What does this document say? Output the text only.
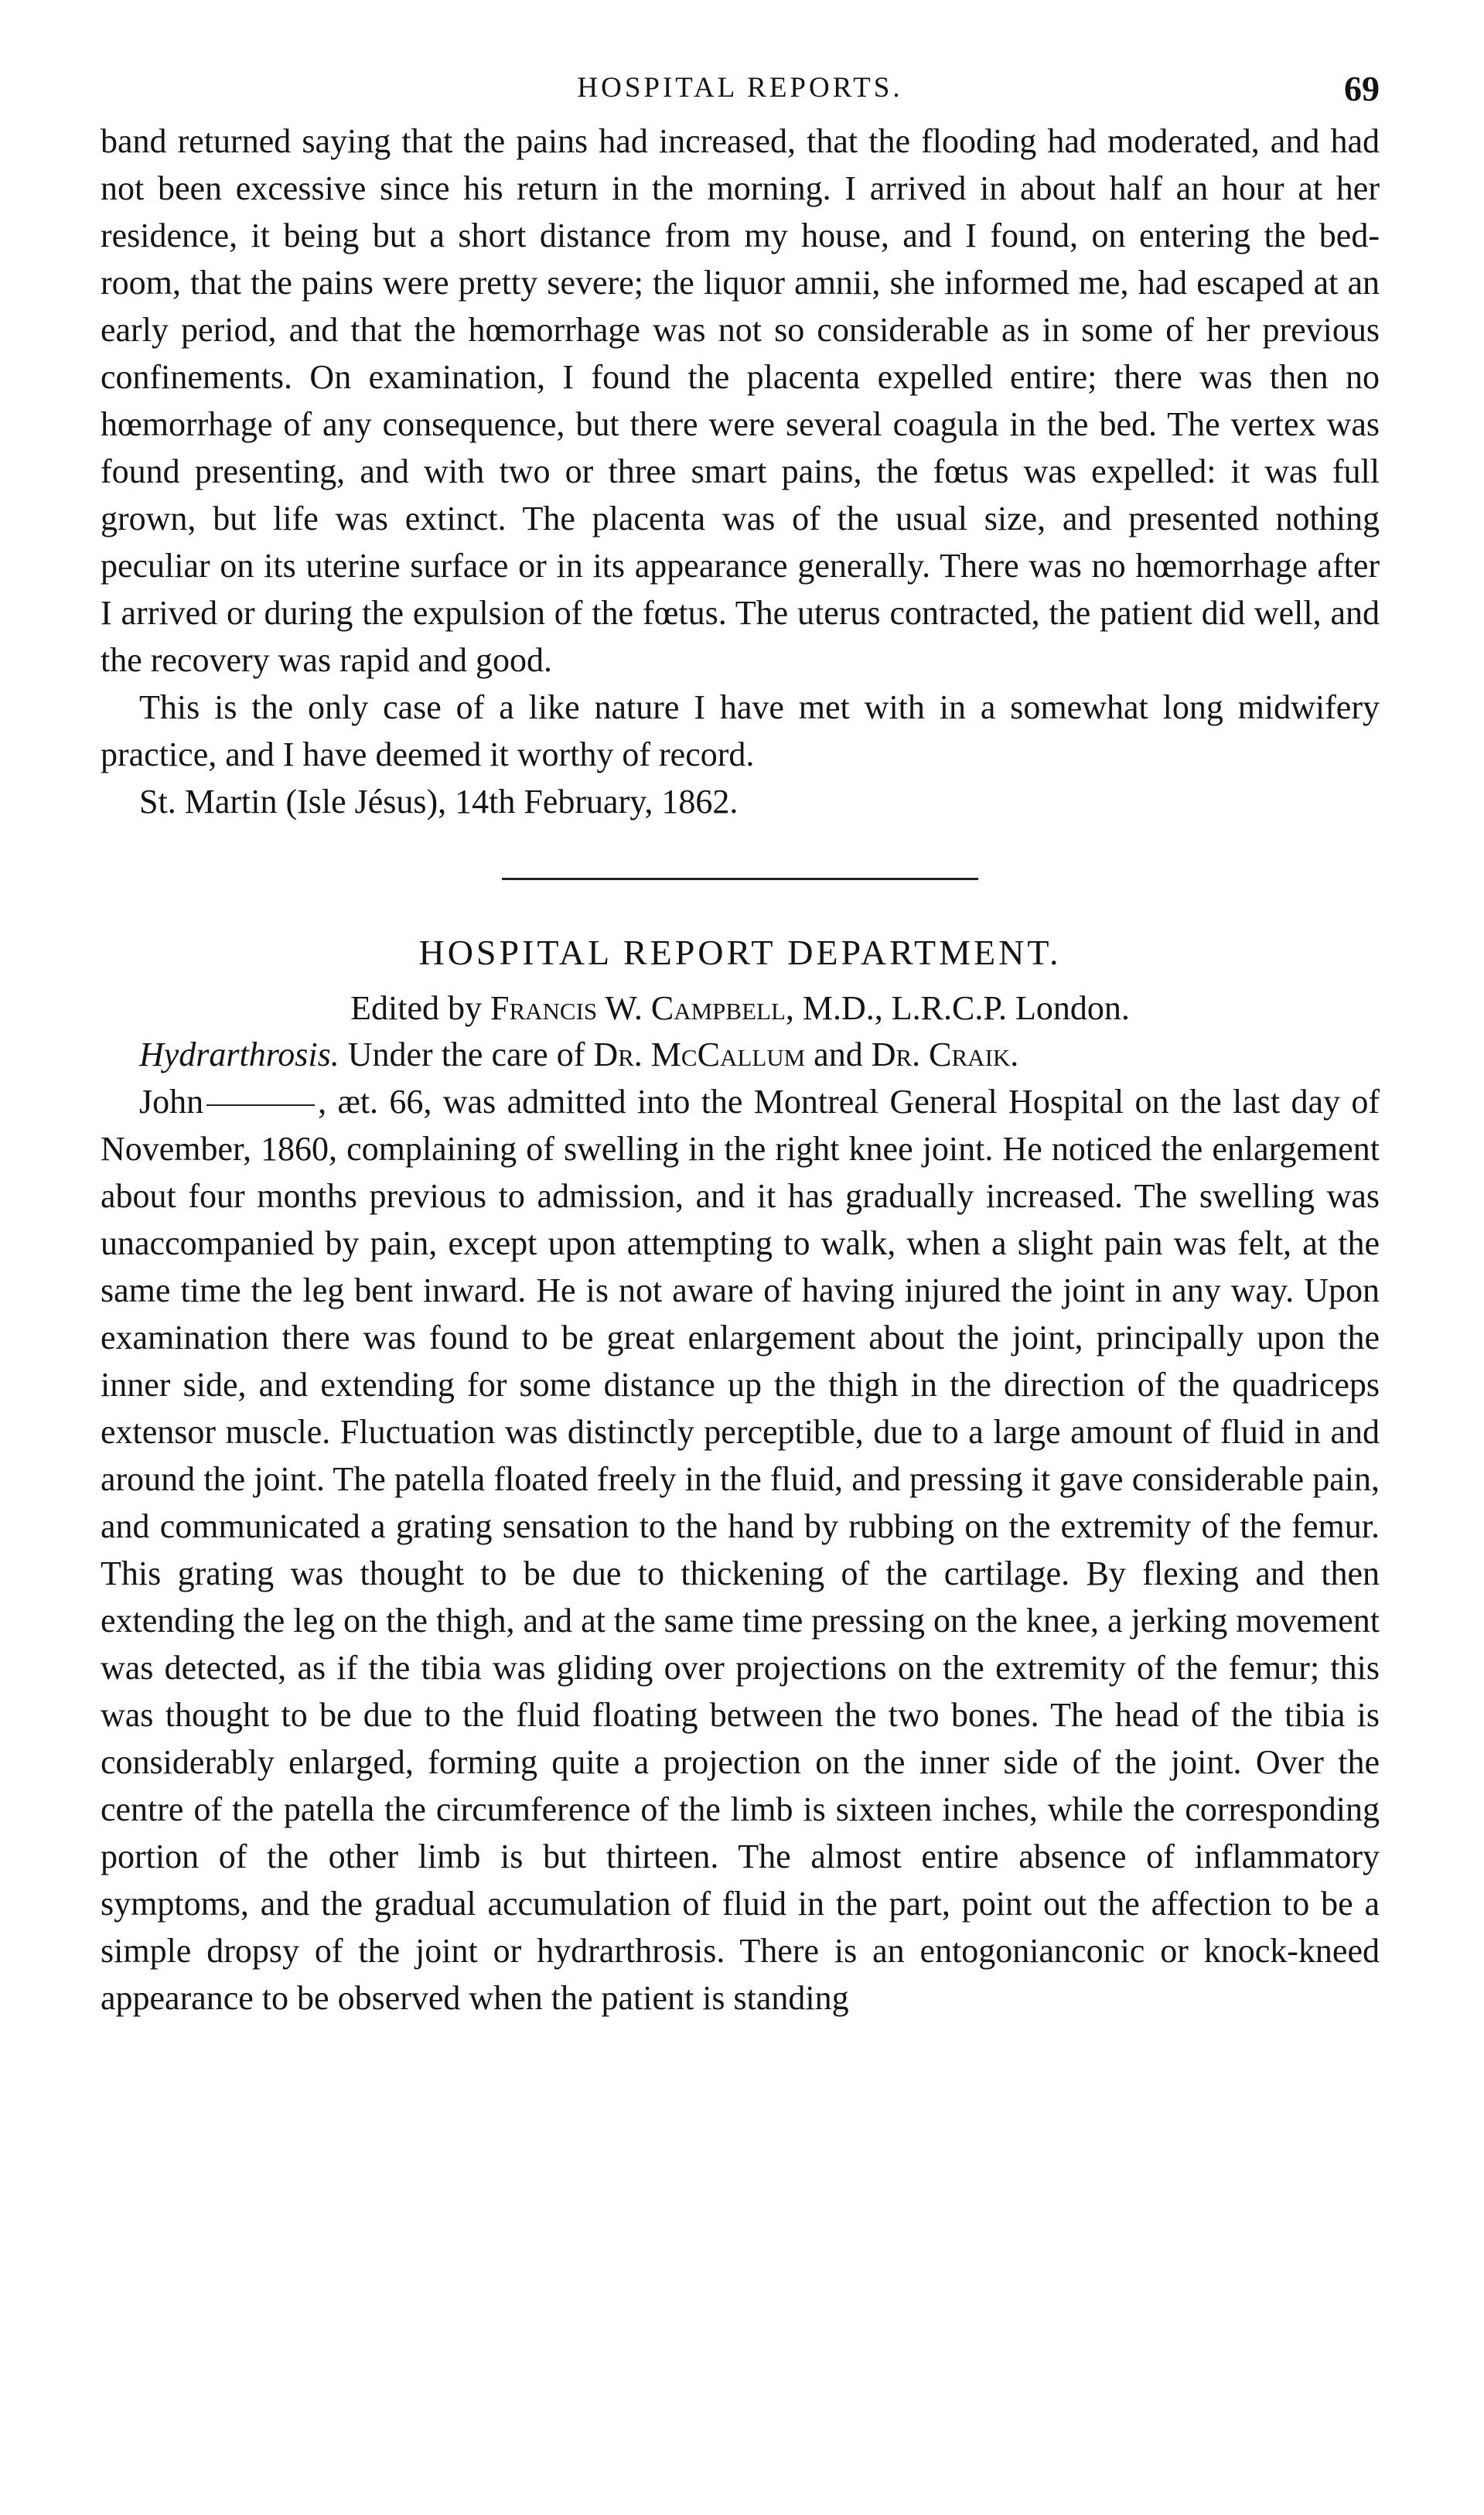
HOSPITAL REPORTS.	69

band returned saying that the pains had increased, that the flooding had moderated, and had not been excessive since his return in the morning. I arrived in about half an hour at her residence, it being but a short distance from my house, and I found, on entering the bed-room, that the pains were pretty severe; the liquor amnii, she informed me, had escaped at an early period, and that the hœmorrhage was not so considerable as in some of her previous confinements. On examination, I found the placenta expelled entire; there was then no hœmorrhage of any consequence, but there were several coagula in the bed. The vertex was found presenting, and with two or three smart pains, the fœtus was expelled: it was full grown, but life was extinct. The placenta was of the usual size, and presented nothing peculiar on its uterine surface or in its appearance generally. There was no hœmorrhage after I arrived or during the expulsion of the fœtus. The uterus contracted, the patient did well, and the recovery was rapid and good.

This is the only case of a like nature I have met with in a somewhat long midwifery practice, and I have deemed it worthy of record.

St. Martin (Isle Jésus), 14th February, 1862.

HOSPITAL REPORT DEPARTMENT.
Edited by Francis W. Campbell, M.D., L.R.C.P. London.
Hydrarthrosis. Under the care of Dr. McCallum and Dr. Craik.

John	, æt. 66, was admitted into the Montreal General Hospital on the last day of November, 1860, complaining of swelling in the right knee joint. He noticed the enlargement about four months previous to admission, and it has gradually increased. The swelling was unaccompanied by pain, except upon attempting to walk, when a slight pain was felt, at the same time the leg bent inward. He is not aware of having injured the joint in any way. Upon examination there was found to be great enlargement about the joint, principally upon the inner side, and extending for some distance up the thigh in the direction of the quadriceps extensor muscle. Fluctuation was distinctly perceptible, due to a large amount of fluid in and around the joint. The patella floated freely in the fluid, and pressing it gave considerable pain, and communicated a grating sensation to the hand by rubbing on the extremity of the femur. This grating was thought to be due to thickening of the cartilage. By flexing and then extending the leg on the thigh, and at the same time pressing on the knee, a jerking movement was detected, as if the tibia was gliding over projections on the extremity of the femur; this was thought to be due to the fluid floating between the two bones. The head of the tibia is considerably enlarged, forming quite a projection on the inner side of the joint. Over the centre of the patella the circumference of the limb is sixteen inches, while the corresponding portion of the other limb is but thirteen. The almost entire absence of inflammatory symptoms, and the gradual accumulation of fluid in the part, point out the affection to be a simple dropsy of the joint or hydrarthrosis. There is an entogonianconic or knock-kneed appearance to be observed when the patient is standing
